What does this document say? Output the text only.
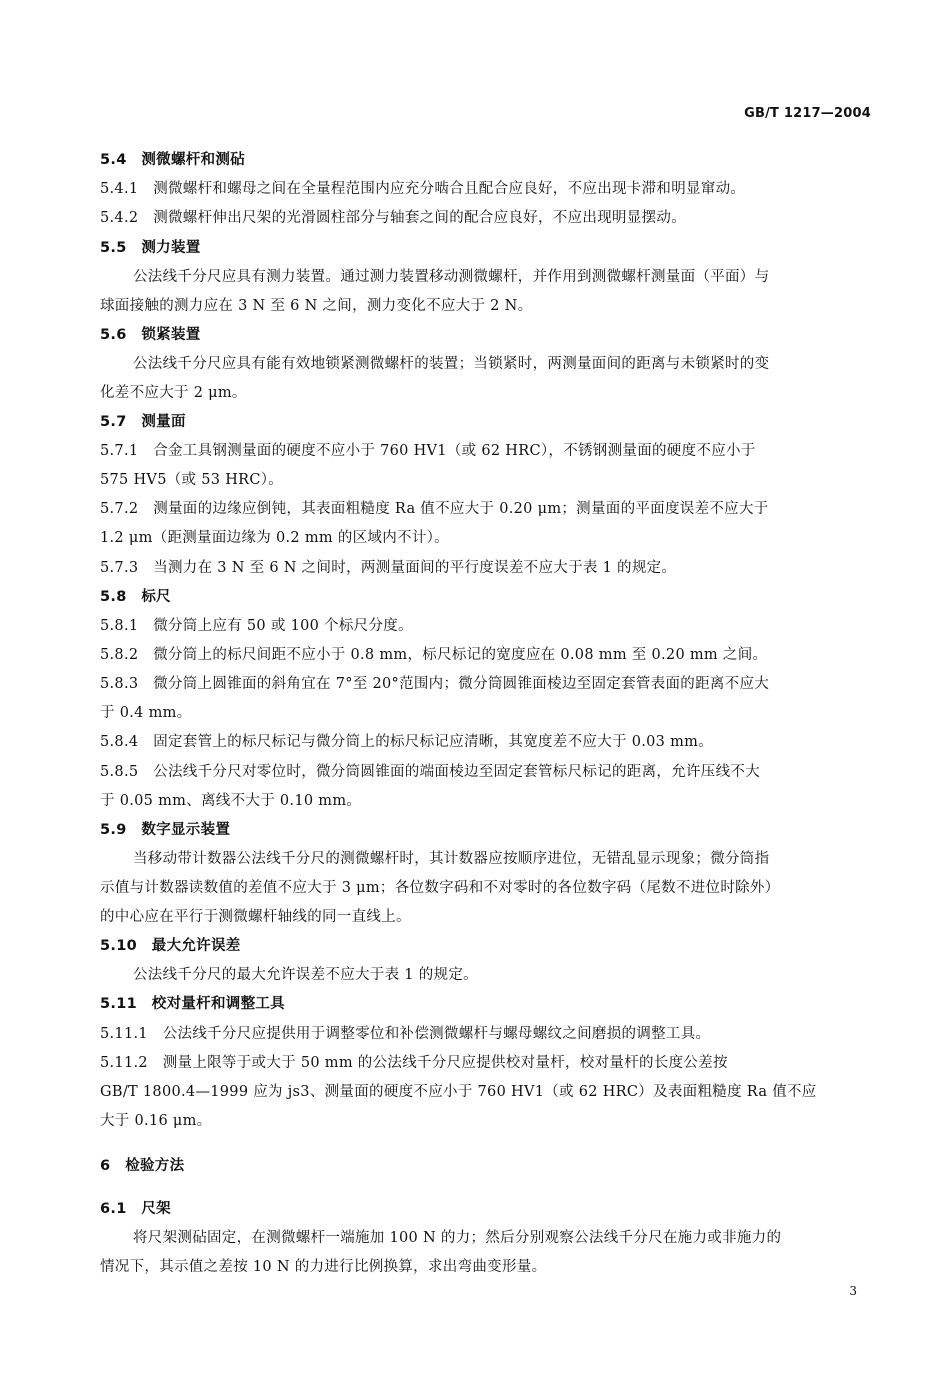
GB/T 1217—2004
5.4　测微螺杆和测砧
5.4.1　测微螺杆和螺母之间在全量程范围内应充分啮合且配合应良好，不应出现卡滞和明显窜动。
5.4.2　测微螺杆伸出尺架的光滑圆柱部分与轴套之间的配合应良好，不应出现明显摆动。
5.5　测力装置
公法线千分尺应具有测力装置。通过测力装置移动测微螺杆，并作用到测微螺杆测量面（平面）与
球面接触的测力应在 3 N 至 6 N 之间，测力变化不应大于 2 N。
5.6　锁紧装置
公法线千分尺应具有能有效地锁紧测微螺杆的装置；当锁紧时，两测量面间的距离与未锁紧时的变
化差不应大于 2 μm。
5.7　测量面
5.7.1　合金工具钢测量面的硬度不应小于 760 HV1（或 62 HRC），不锈钢测量面的硬度不应小于
575 HV5（或 53 HRC）。
5.7.2　测量面的边缘应倒钝，其表面粗糙度 Ra 值不应大于 0.20 μm；测量面的平面度误差不应大于
1.2 μm（距测量面边缘为 0.2 mm 的区域内不计）。
5.7.3　当测力在 3 N 至 6 N 之间时，两测量面间的平行度误差不应大于表 1 的规定。
5.8　标尺
5.8.1　微分筒上应有 50 或 100 个标尺分度。
5.8.2　微分筒上的标尺间距不应小于 0.8 mm，标尺标记的宽度应在 0.08 mm 至 0.20 mm 之间。
5.8.3　微分筒上圆锥面的斜角宜在 7°至 20°范围内；微分筒圆锥面棱边至固定套管表面的距离不应大
于 0.4 mm。
5.8.4　固定套管上的标尺标记与微分筒上的标尺标记应清晰，其宽度差不应大于 0.03 mm。
5.8.5　公法线千分尺对零位时，微分筒圆锥面的端面棱边至固定套管标尺标记的距离，允许压线不大
于 0.05 mm、离线不大于 0.10 mm。
5.9　数字显示装置
当移动带计数器公法线千分尺的测微螺杆时，其计数器应按顺序进位，无错乱显示现象；微分筒指
示值与计数器读数值的差值不应大于 3 μm；各位数字码和不对零时的各位数字码（尾数不进位时除外）
的中心应在平行于测微螺杆轴线的同一直线上。
5.10　最大允许误差
公法线千分尺的最大允许误差不应大于表 1 的规定。
5.11　校对量杆和调整工具
5.11.1　公法线千分尺应提供用于调整零位和补偿测微螺杆与螺母螺纹之间磨损的调整工具。
5.11.2　测量上限等于或大于 50 mm 的公法线千分尺应提供校对量杆，校对量杆的长度公差按
GB/T 1800.4—1999 应为 js3、测量面的硬度不应小于 760 HV1（或 62 HRC）及表面粗糙度 Ra 值不应
大于 0.16 μm。
6　检验方法
6.1　尺架
将尺架测砧固定，在测微螺杆一端施加 100 N 的力；然后分别观察公法线千分尺在施力或非施力的
情况下，其示值之差按 10 N 的力进行比例换算，求出弯曲变形量。
3
